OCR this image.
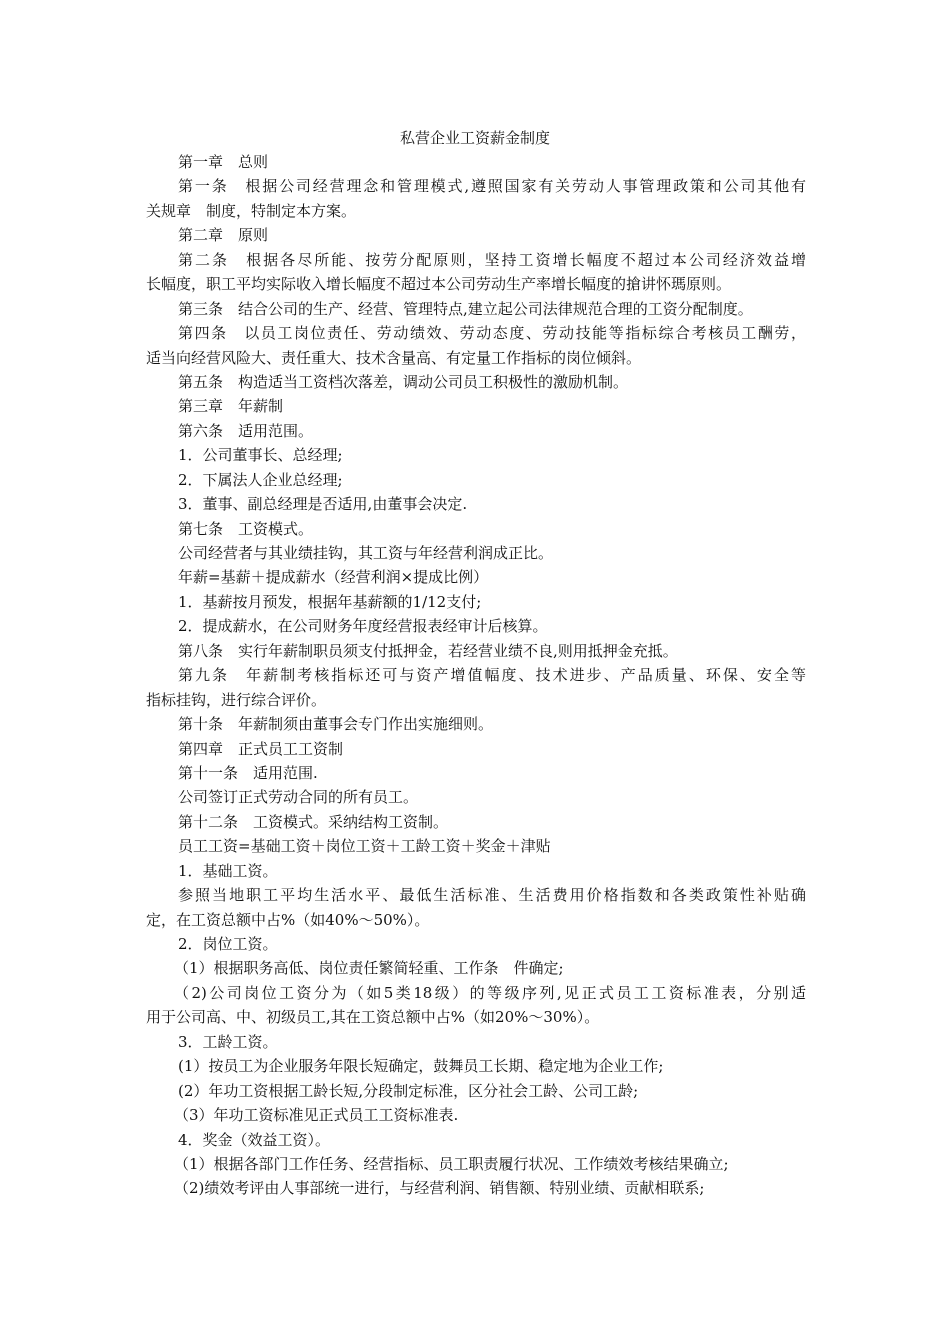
私营企业工资薪金制度
第一章　总则
第一条　根据公司经营理念和管理模式,遵照国家有关劳动人事管理政策和公司其他有
关规章　制度，特制定本方案。
第二章　原则
第二条　根据各尽所能、按劳分配原则，坚持工资增长幅度不超过本公司经济效益增
长幅度，职工平均实际收入增长幅度不超过本公司劳动生产率增长幅度的搶讲怀瑪原则。
第三条　结合公司的生产、经营、管理特点,建立起公司法律规范合理的工资分配制度。
第四条　以员工岗位责任、劳动绩效、劳动态度、劳动技能等指标综合考核员工酬劳，
适当向经营风险大、责任重大、技术含量高、有定量工作指标的岗位倾斜。
第五条　构造适当工资档次落差，调动公司员工积极性的激励机制。
第三章　年薪制
第六条　适用范围。
1．公司董事长、总经理;
2．下属法人企业总经理;
3．董事、副总经理是否适用,由董事会决定.
第七条　工资模式。
公司经营者与其业绩挂钩，其工资与年经营利润成正比。
年薪=基薪＋提成薪水（经营利润×提成比例）
1．基薪按月预发，根据年基薪额的1/12支付;
2．提成薪水，在公司财务年度经营报表经审计后核算。
第八条　实行年薪制职员须支付抵押金，若经营业绩不良,则用抵押金充抵。
第九条　年薪制考核指标还可与资产增值幅度、技术进步、产品质量、环保、安全等
指标挂钩，进行综合评价。
第十条　年薪制须由董事会专门作出实施细则。
第四章　正式员工工资制
第十一条　适用范围.
公司签订正式劳动合同的所有员工。
第十二条　工资模式。采纳结构工资制。
员工工资=基础工资＋岗位工资＋工龄工资＋奖金＋津贴
1．基础工资。
参照当地职工平均生活水平、最低生活标准、生活费用价格指数和各类政策性补贴确
定，在工资总额中占%（如40%～50%）。
2．岗位工资。
（1）根据职务高低、岗位责任繁简轻重、工作条　件确定;
（2)公司岗位工资分为（如5类18级）的等级序列,见正式员工工资标准表，分别适
用于公司高、中、初级员工,其在工资总额中占%（如20%～30%）。
3．工龄工资。
(1）按员工为企业服务年限长短确定，鼓舞员工长期、稳定地为企业工作;
(2）年功工资根据工龄长短,分段制定标准，区分社会工龄、公司工龄;
（3）年功工资标准见正式员工工资标准表.
4．奖金（效益工资）。
（1）根据各部门工作任务、经营指标、员工职责履行状况、工作绩效考核结果确立;
（2)绩效考评由人事部统一进行，与经营利润、销售额、特别业绩、贡献相联系;
